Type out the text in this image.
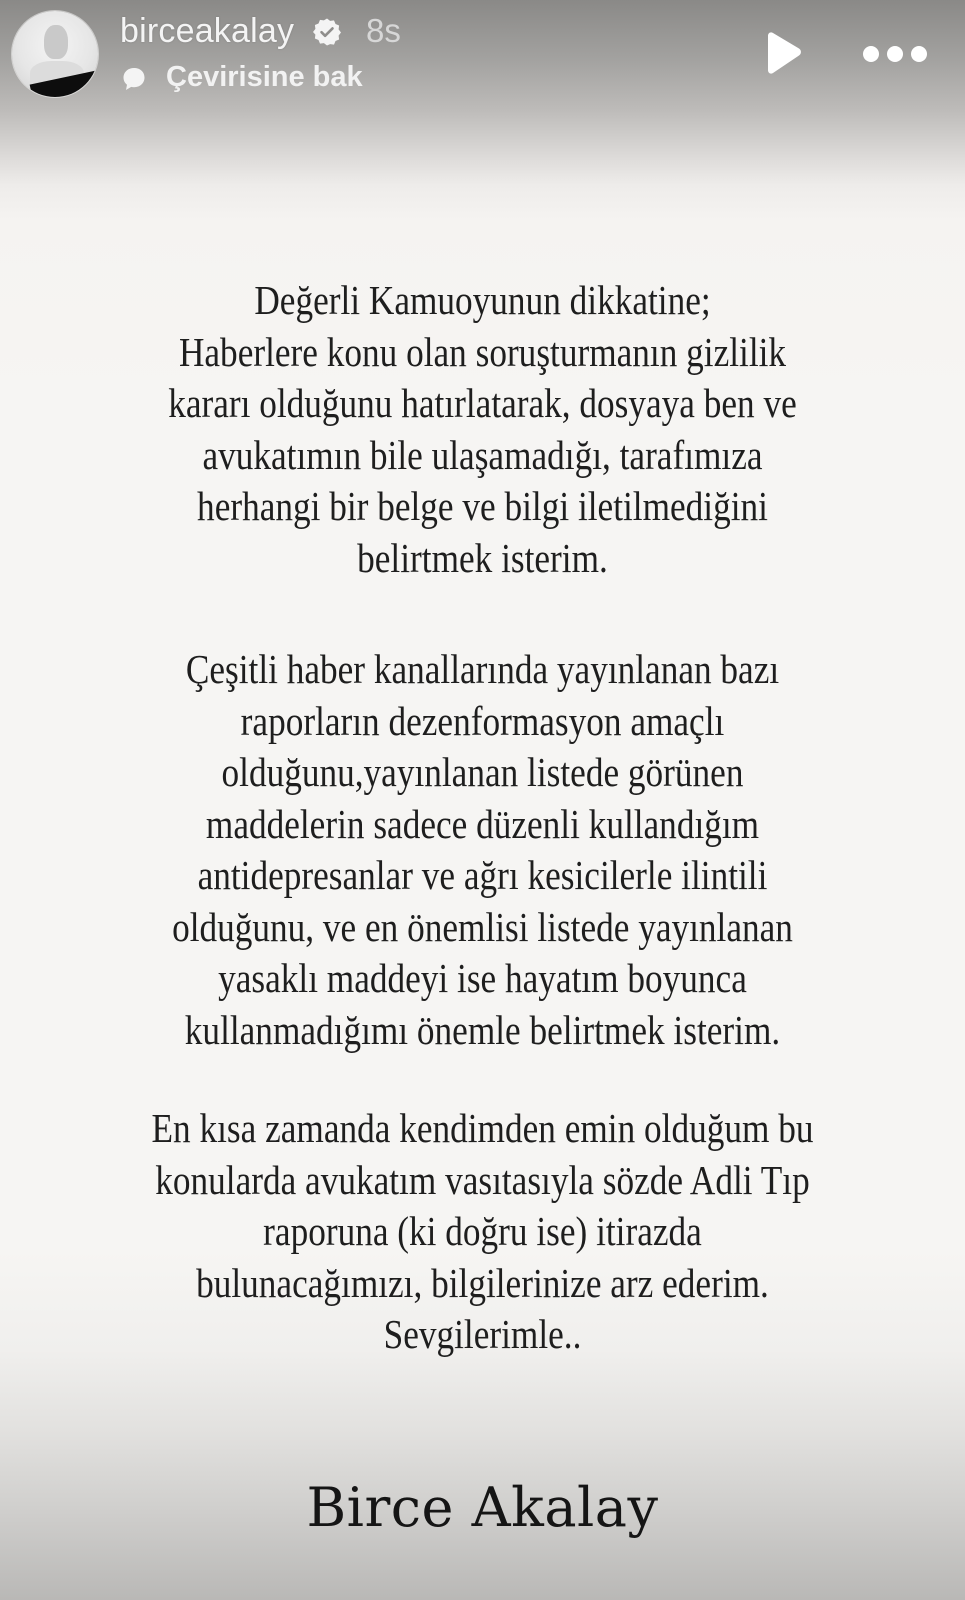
birceakalay 8s
Çevirisine bak
Değerli Kamuoyunun dikkatine;
Haberlere konu olan soruşturmanın gizlilik
kararı olduğunu hatırlatarak, dosyaya ben ve
avukatımın bile ulaşamadığı, tarafımıza
herhangi bir belge ve bilgi iletilmediğini
belirtmek isterim.
Çeşitli haber kanallarında yayınlanan bazı
raporların dezenformasyon amaçlı
olduğunu,yayınlanan listede görünen
maddelerin sadece düzenli kullandığım
antidepresanlar ve ağrı kesicilerle ilintili
olduğunu, ve en önemlisi listede yayınlanan
yasaklı maddeyi ise hayatım boyunca
kullanmadığımı önemle belirtmek isterim.
En kısa zamanda kendimden emin olduğum bu
konularda avukatım vasıtasıyla sözde Adli Tıp
raporuna (ki doğru ise) itirazda
bulunacağımızı, bilgilerinize arz ederim.
Sevgilerimle..
Birce Akalay
